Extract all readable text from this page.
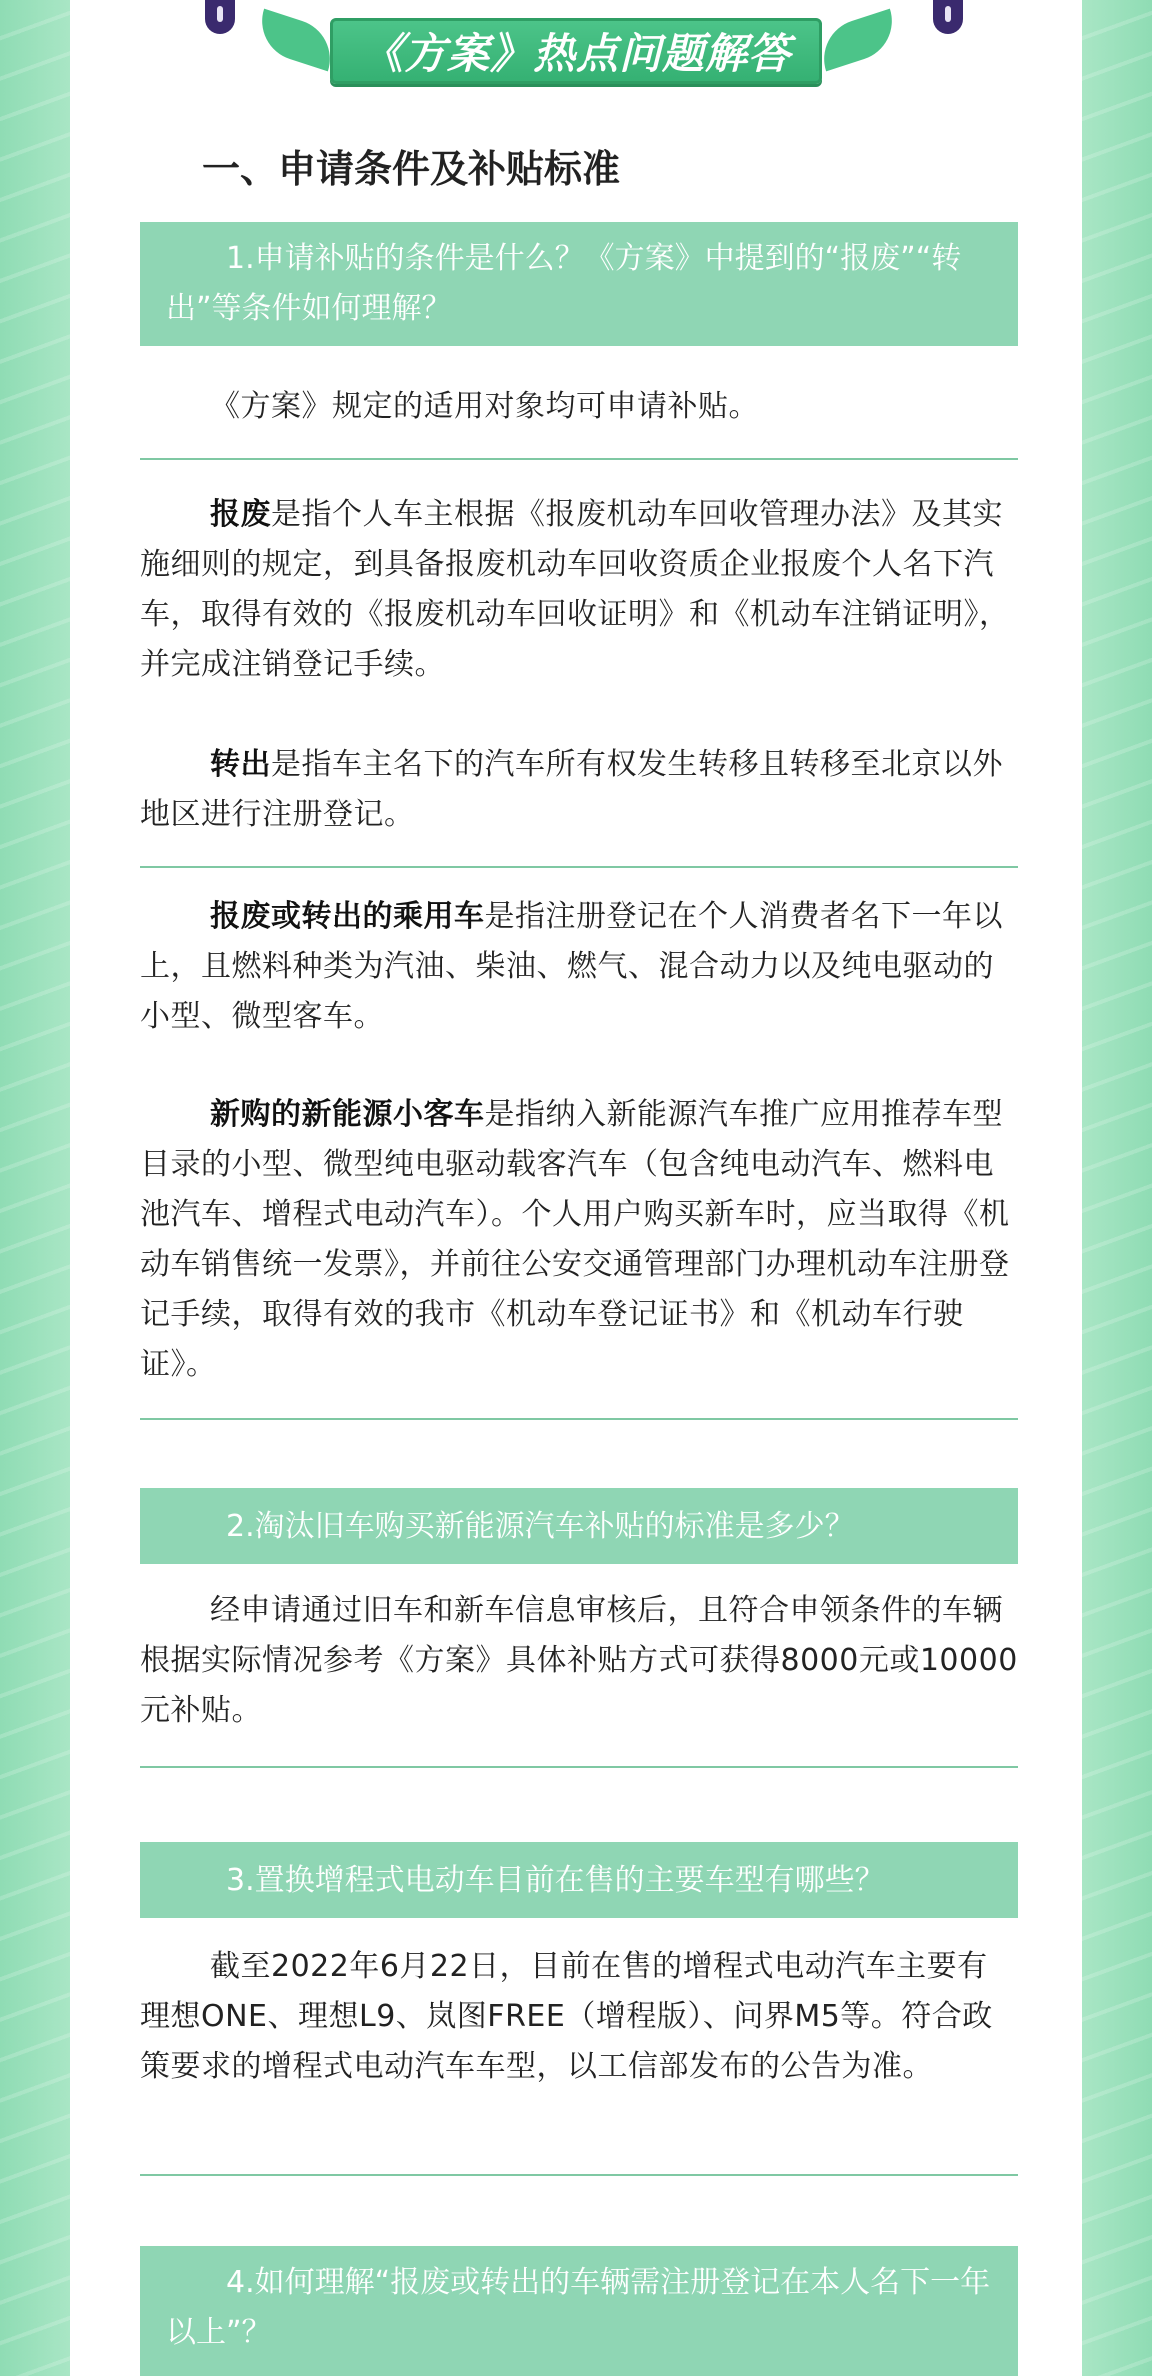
《方案》热点问题解答
一、申请条件及补贴标准
1.申请补贴的条件是什么？《方案》中提到的“报废”“转出”等条件如何理解？
《方案》规定的适用对象均可申请补贴。
报废是指个人车主根据《报废机动车回收管理办法》及其实施细则的规定，到具备报废机动车回收资质企业报废个人名下汽车，取得有效的《报废机动车回收证明》和《机动车注销证明》，并完成注销登记手续。
转出是指车主名下的汽车所有权发生转移且转移至北京以外地区进行注册登记。
报废或转出的乘用车是指注册登记在个人消费者名下一年以上，且燃料种类为汽油、柴油、燃气、混合动力以及纯电驱动的小型、微型客车。
新购的新能源小客车是指纳入新能源汽车推广应用推荐车型目录的小型、微型纯电驱动载客汽车（包含纯电动汽车、燃料电池汽车、增程式电动汽车）。个人用户购买新车时，应当取得《机动车销售统一发票》，并前往公安交通管理部门办理机动车注册登记手续，取得有效的我市《机动车登记证书》和《机动车行驶证》。
2.淘汰旧车购买新能源汽车补贴的标准是多少？
经申请通过旧车和新车信息审核后，且符合申领条件的车辆根据实际情况参考《方案》具体补贴方式可获得8000元或10000元补贴。
3.置换增程式电动车目前在售的主要车型有哪些？
截至2022年6月22日，目前在售的增程式电动汽车主要有理想ONE、理想L9、岚图FREE（增程版）、问界M5等。符合政策要求的增程式电动汽车车型，以工信部发布的公告为准。
4.如何理解“报废或转出的车辆需注册登记在本人名下一年以上”？
